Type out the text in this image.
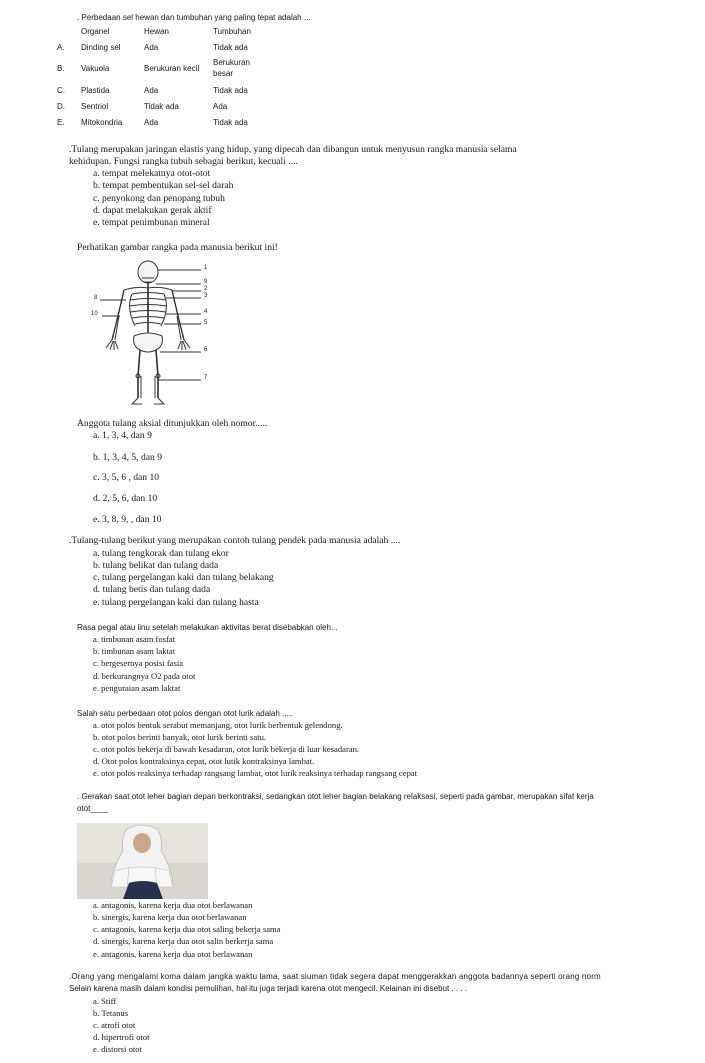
. Perbedaan sel hewan dan tumbuhan yang paling tepat adalah ...
Organel	Hewan	Tumbuhan
A. Dinding sel	Ada	Tidak ada
B. Vakuola	Berukuran kecil
Berukuran
besar
C. Plastida	Ada	Tidak ada
D. Sentriol	Tidak ada	Ada
E. Mitokondria	Ada	Tidak ada
.Tulang merupakan jaringan elastis yang hidup, yang dipecah dan dibangun untuk menyusun rangka manusia selama
kehidupan. Fungsi rangka tubuh sebagai berikut, kecuali ....
a. tempat melekatnya otot-otot
b. tempat pembentukan sel-sel darah
c. penyokong dan penopang tubuh
d. dapat melakukan gerak aktif
e. tempat penimbunan mineral
Perhatikan gambar rangka pada manusia berikut ini!
1
9
2
3
4
5
6
7
8
10
Anggota tulang aksial ditunjukkan oleh nomor.....
a. 1, 3, 4, dan 9
b. 1, 3, 4, 5, dan 9
c. 3, 5, 6 , dan 10
d. 2, 5, 6, dan 10
e. 3, 8, 9, , dan 10
.Tulang-tulang berikut yang merupakan contoh tulang pendek pada manusia adalah ....
a. tulang tengkorak dan tulang ekor
b. tulang belikat dan tulang dada
c. tulang pergelangan kaki dan tulang belakang
d. tulang betis dan tulang dada
e. tulang pergelangan kaki dan tulang hasta
Rasa pegal atau linu setelah melakukan aktivitas berat disebabkan oleh...
a. timbunan asam fosfat
b. timbunan asam laktat
c. bergesernya posisi fasia
d. berkurangnya O2 pada otot
e. penguraian asam laktat
Salah satu perbedaan otot polos dengan otot lurik adalah .....
a. otot polos bentuk serabut memanjang, otot lurik berbentuk gelendong.
b. otot polos berinti banyak, otot lurik berinti satu.
c. otot polos bekerja di bawah kesadaran, otot lurik bekerja di luar kesadaran.
d. Otot polos kontraksinya cepat, otot lutik kontraksinya lambat.
e. otot polos reaksinya terhadap rangsang lambat, otot lurik reaksinya terhadap rangsang cepat
. Gerakan saat otot leher bagian depan berkontraksi, sedangkan otot leher bagian belakang relaksasi, seperti pada gambar, merupakan sifat kerja
otot____
a. antagonis, karena kerja dua otot berlawanan
b. sinergis, karena kerja dua otot berlawanan
c. antagonis, karena kerja dua otot saling bekerja sama
d. sinergis, karena kerja dua otot salin berkerja sama
e. antagonis, karena kerja dua otot berlawanan
.Orang yang mengalami koma dalam jangka waktu lama, saat siuman tidak segera dapat menggerakkan anggota badannya seperti orang norm
Selain karena masih dalam kondisi pemulihan, hal itu juga terjadi karena otot mengecil. Kelainan ini disebut . . . .
a. Stiff
b. Tetanus
c. atrofi otot
d. hipertrofi otot
e. distorsi otot
